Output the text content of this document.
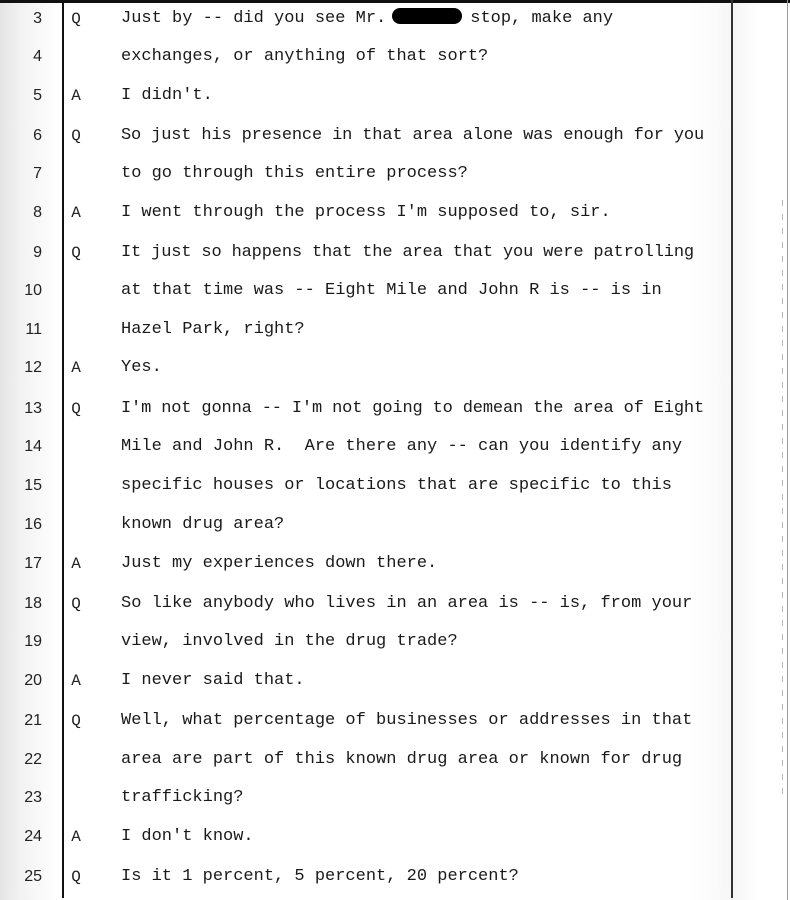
3 Q Just by -- did you see Mr.	stop, make any
4	exchanges, or anything of that sort?
5 A I didn't.
6 Q So just his presence in that area alone was enough for you
7	to go through this entire process?
8 A I went through the process I'm supposed to, sir.
9 Q It just so happens that the area that you were patrolling
10	at that time was -- Eight Mile and John R is -- is in
11	Hazel Park, right?
12 A Yes.
13 Q I'm not gonna -- I'm not going to demean the area of Eight
14	Mile and John R.  Are there any -- can you identify any
15	specific houses or locations that are specific to this
16	known drug area?
17 A Just my experiences down there.
18 Q So like anybody who lives in an area is -- is, from your
19	view, involved in the drug trade?
20 A I never said that.
21 Q Well, what percentage of businesses or addresses in that
22	area are part of this known drug area or known for drug
23	trafficking?
24 A I don't know.
25 Q Is it 1 percent, 5 percent, 20 percent?
